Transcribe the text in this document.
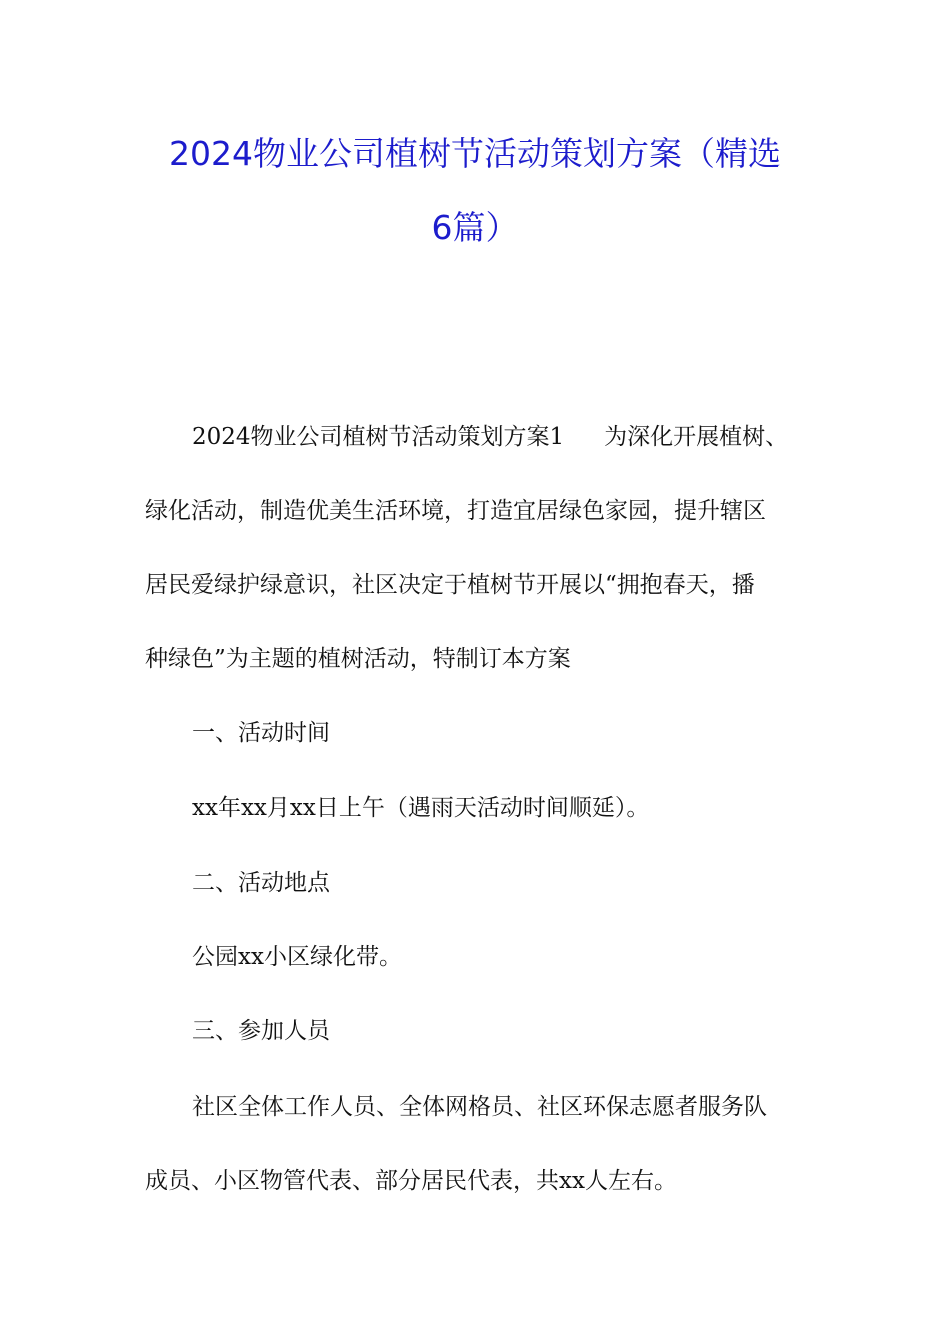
2024物业公司植树节活动策划方案（精选
6篇）
2024物业公司植树节活动策划方案1 为深化开展植树、
绿化活动，制造优美生活环境，打造宜居绿色家园，提升辖区
居民爱绿护绿意识，社区决定于植树节开展以“拥抱春天，播
种绿色”为主题的植树活动，特制订本方案
一、活动时间
xx年xx月xx日上午（遇雨天活动时间顺延）。
二、活动地点
公园xx小区绿化带。
三、参加人员
社区全体工作人员、全体网格员、社区环保志愿者服务队
成员、小区物管代表、部分居民代表，共xx人左右。
